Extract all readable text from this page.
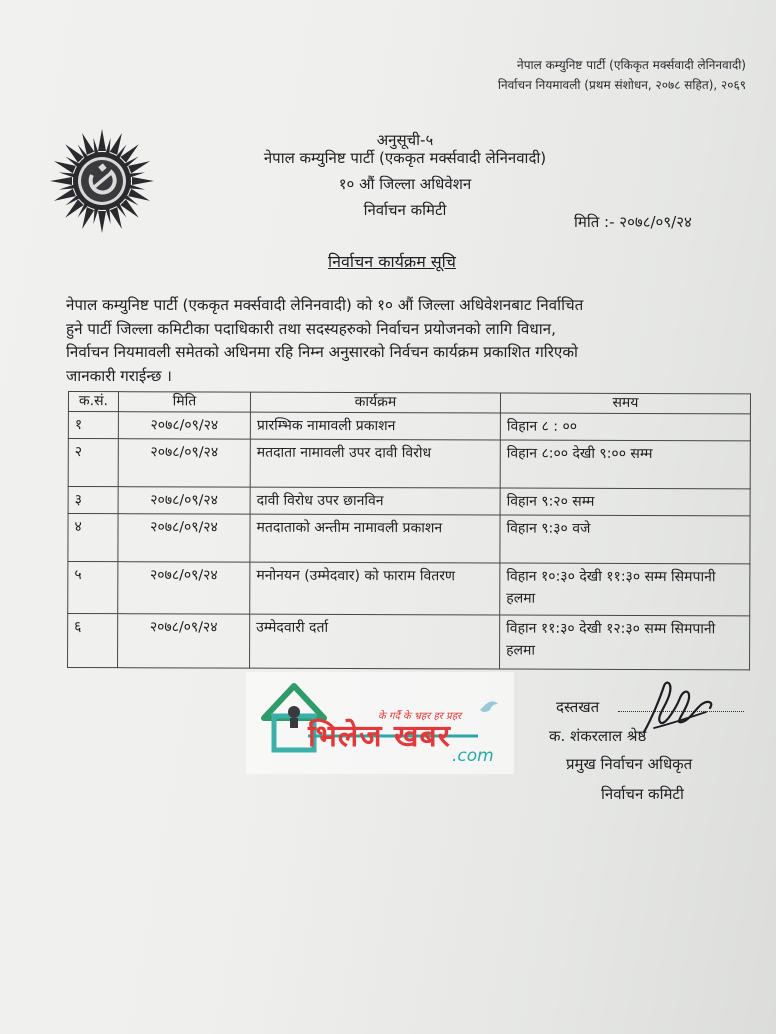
नेपाल कम्युनिष्ट पार्टी (एकिकृत मर्क्सवादी लेनिनवादी)
निर्वाचन नियमावली (प्रथम संशोधन, २०७८ सहित), २०६९
अनुसूची-५
नेपाल कम्युनिष्ट पार्टी (एककृत मर्क्सवादी लेनिनवादी)
१० औं जिल्ला अधिवेशन
निर्वाचन कमिटी
मिति :- २०७८/०९/२४
निर्वाचन कार्यक्रम सूचि
नेपाल कम्युनिष्ट पार्टी (एककृत मर्क्सवादी लेनिनवादी) को १० औं जिल्ला अधिवेशनबाट निर्वाचित
हुने पार्टी जिल्ला कमिटीका पदाधिकारी तथा सदस्यहरुको निर्वाचन प्रयोजनको लागि विधान,
निर्वाचन नियमावली समेतको अधिनमा रहि निम्न अनुसारको निर्वचन कार्यक्रम प्रकाशित गरिएको
जानकारी गराईन्छ ।
क.सं.	मिति	कार्यक्रम	समय
१	२०७८/०९/२४	प्रारम्भिक नामावली प्रकाशन	विहान ८ : ००
२	२०७८/०९/२४	मतदाता नामावली उपर दावी विरोध	विहान ८:०० देखी ९:०० सम्म
३	२०७८/०९/२४	दावी विरोध उपर छानविन	विहान ९:२० सम्म
४	२०७८/०९/२४	मतदाताको अन्तीम नामावली प्रकाशन	विहान ९:३० वजे
५	२०७८/०९/२४	मनोनयन (उम्मेदवार) को फाराम वितरण	विहान १०:३० देखी ११:३० सम्म सिमपानी हलमा
६	२०७८/०९/२४	उम्मेदवारी दर्ता	विहान ११:३० देखी १२:३० सम्म सिमपानी हलमा
के गर्दै के भ्रहर हर प्रहर
भिलेज खबर
.com
दस्तखत
क. शंकरलाल श्रेष्ठ
प्रमुख निर्वाचन अधिकृत
निर्वाचन कमिटी
